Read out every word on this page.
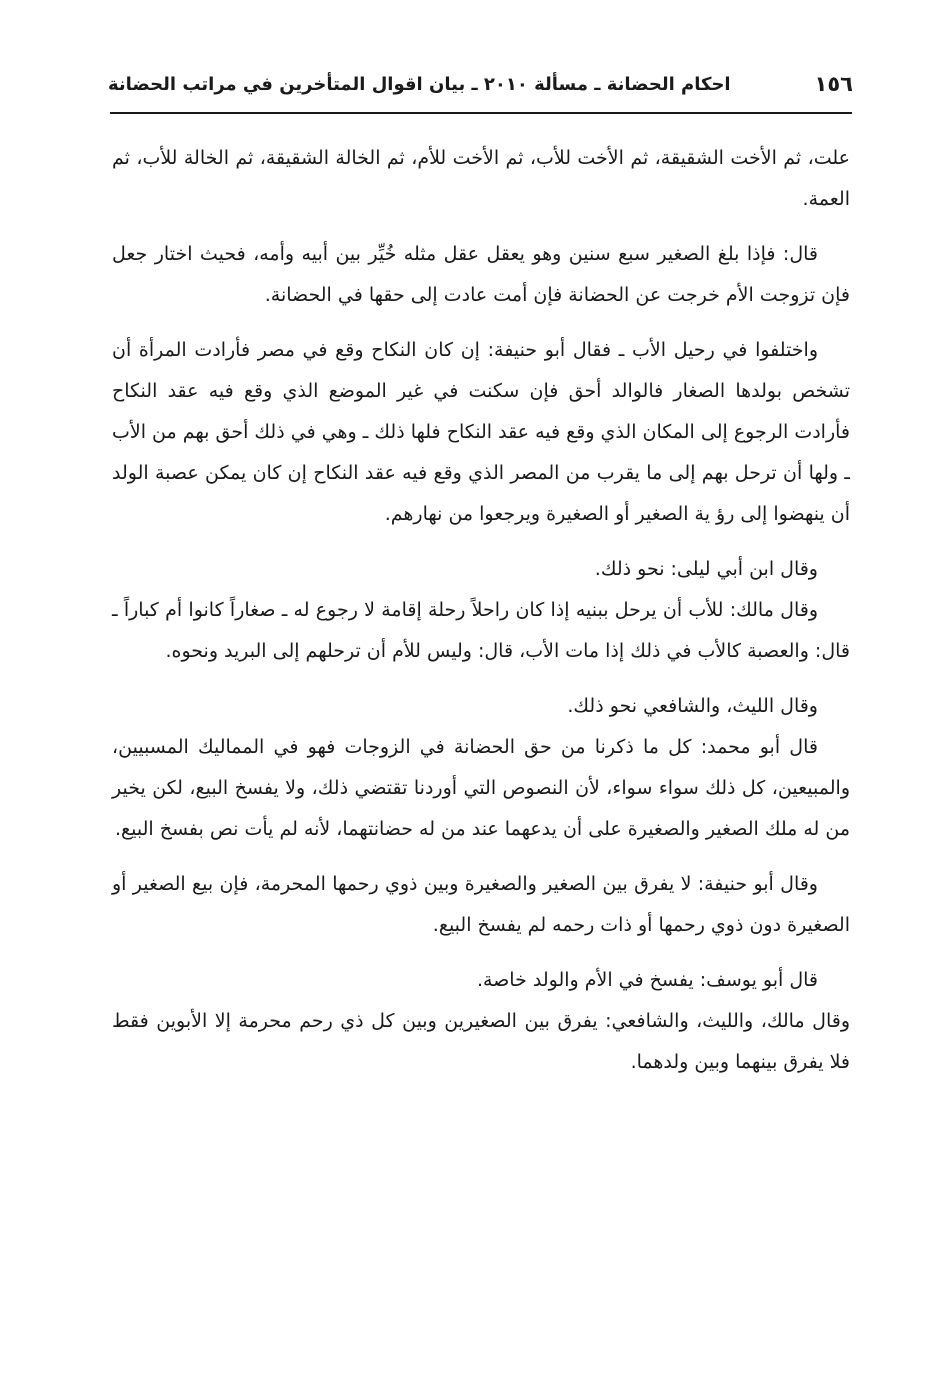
١٥٦
احكام الحضانة ـ مسألة ٢٠١٠ ـ بيان اقوال المتأخرين في مراتب الحضانة

علت، ثم الأخت الشقيقة، ثم الأخت للأب، ثم الأخت للأم، ثم الخالة الشقيقة، ثم الخالة للأب، ثم العمة.

قال: فإذا بلغ الصغير سبع سنين وهو يعقل عقل مثله خُيِّر بين أبيه وأمه، فحيث اختار جعل فإن تزوجت الأم خرجت عن الحضانة فإن أمت عادت إلى حقها في الحضانة.

واختلفوا في رحيل الأب ـ فقال أبو حنيفة: إن كان النكاح وقع في مصر فأرادت المرأة أن تشخص بولدها الصغار فالوالد أحق فإن سكنت في غير الموضع الذي وقع فيه عقد النكاح فأرادت الرجوع إلى المكان الذي وقع فيه عقد النكاح فلها ذلك ـ وهي في ذلك أحق بهم من الأب ـ ولها أن ترحل بهم إلى ما يقرب من المصر الذي وقع فيه عقد النكاح إن كان يمكن عصبة الولد أن ينهضوا إلى رؤ ية الصغير أو الصغيرة ويرجعوا من نهارهم.

وقال ابن أبي ليلى: نحو ذلك.

وقال مالك: للأب أن يرحل ببنيه إذا كان راحلاً رحلة إقامة لا رجوع له ـ صغاراً كانوا أم كباراً ـ قال: والعصبة كالأب في ذلك إذا مات الأب، قال: وليس للأم أن ترحلهم إلى البريد ونحوه.

وقال الليث، والشافعي نحو ذلك.

قال أبو محمد: كل ما ذكرنا من حق الحضانة في الزوجات فهو في المماليك المسبيين، والمبيعين، كل ذلك سواء سواء، لأن النصوص التي أوردنا تقتضي ذلك، ولا يفسخ البيع، لكن يخير من له ملك الصغير والصغيرة على أن يدعهما عند من له حضانتهما، لأنه لم يأت نص بفسخ البيع.

وقال أبو حنيفة: لا يفرق بين الصغير والصغيرة وبين ذوي رحمها المحرمة، فإن بيع الصغير أو الصغيرة دون ذوي رحمها أو ذات رحمه لم يفسخ البيع.

قال أبو يوسف: يفسخ في الأم والولد خاصة.

وقال مالك، والليث، والشافعي: يفرق بين الصغيرين وبين كل ذي رحم محرمة إلا الأبوين فقط فلا يفرق بينهما وبين ولدهما.
